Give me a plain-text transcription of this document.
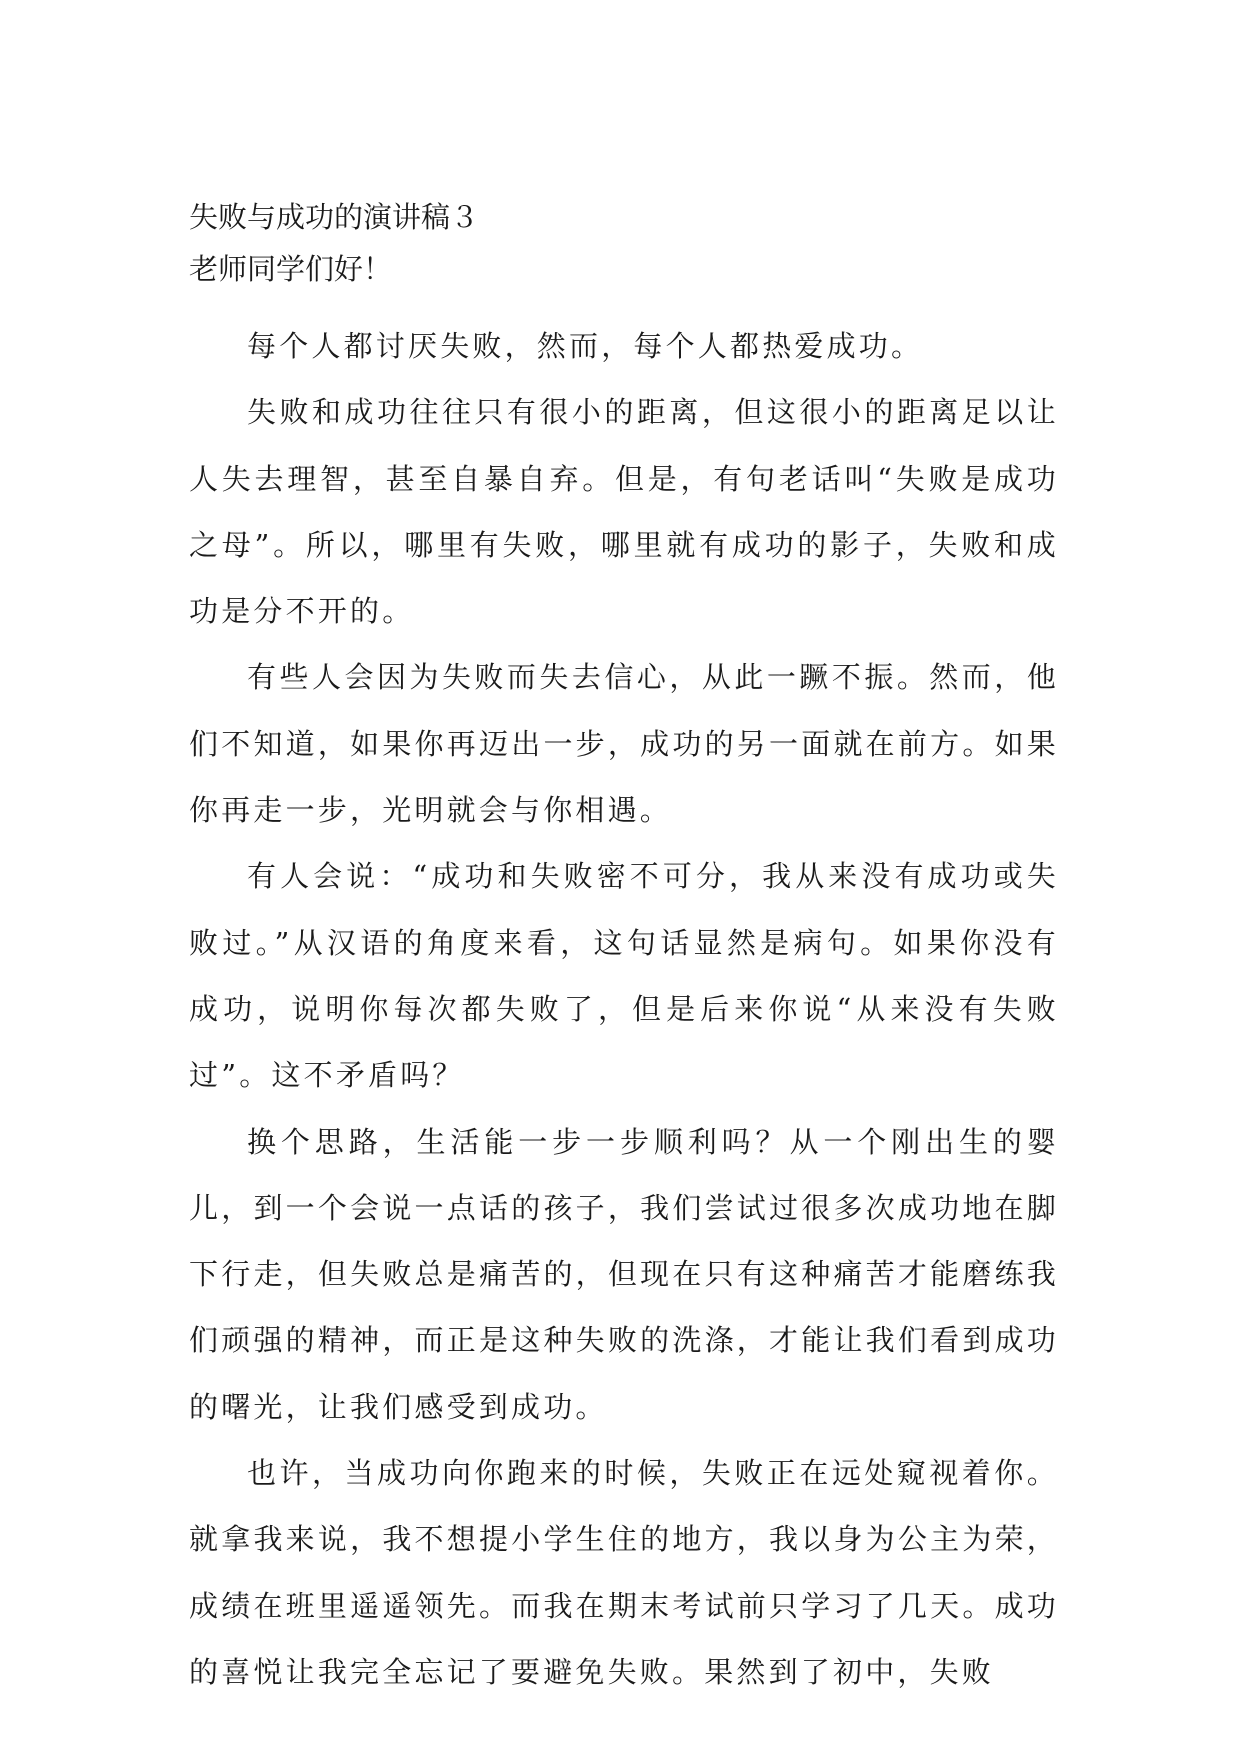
失败与成功的演讲稿３
老师同学们好！

每个人都讨厌失败，然而，每个人都热爱成功。

失败和成功往往只有很小的距离，但这很小的距离足以让人失去理智，甚至自暴自弃。但是，有句老话叫“失败是成功之母”。所以，哪里有失败，哪里就有成功的影子，失败和成功是分不开的。

有些人会因为失败而失去信心，从此一蹶不振。然而，他们不知道，如果你再迈出一步，成功的另一面就在前方。如果你再走一步，光明就会与你相遇。

有人会说：“成功和失败密不可分，我从来没有成功或失败过。”从汉语的角度来看，这句话显然是病句。如果你没有成功，说明你每次都失败了，但是后来你说“从来没有失败过”。这不矛盾吗？

换个思路，生活能一步一步顺利吗？从一个刚出生的婴儿，到一个会说一点话的孩子，我们尝试过很多次成功地在脚下行走，但失败总是痛苦的，但现在只有这种痛苦才能磨练我们顽强的精神，而正是这种失败的洗涤，才能让我们看到成功的曙光，让我们感受到成功。

也许，当成功向你跑来的时候，失败正在远处窥视着你。就拿我来说，我不想提小学生住的地方，我以身为公主为荣，成绩在班里遥遥领先。而我在期末考试前只学习了几天。成功的喜悦让我完全忘记了要避免失败。果然到了初中，失败
